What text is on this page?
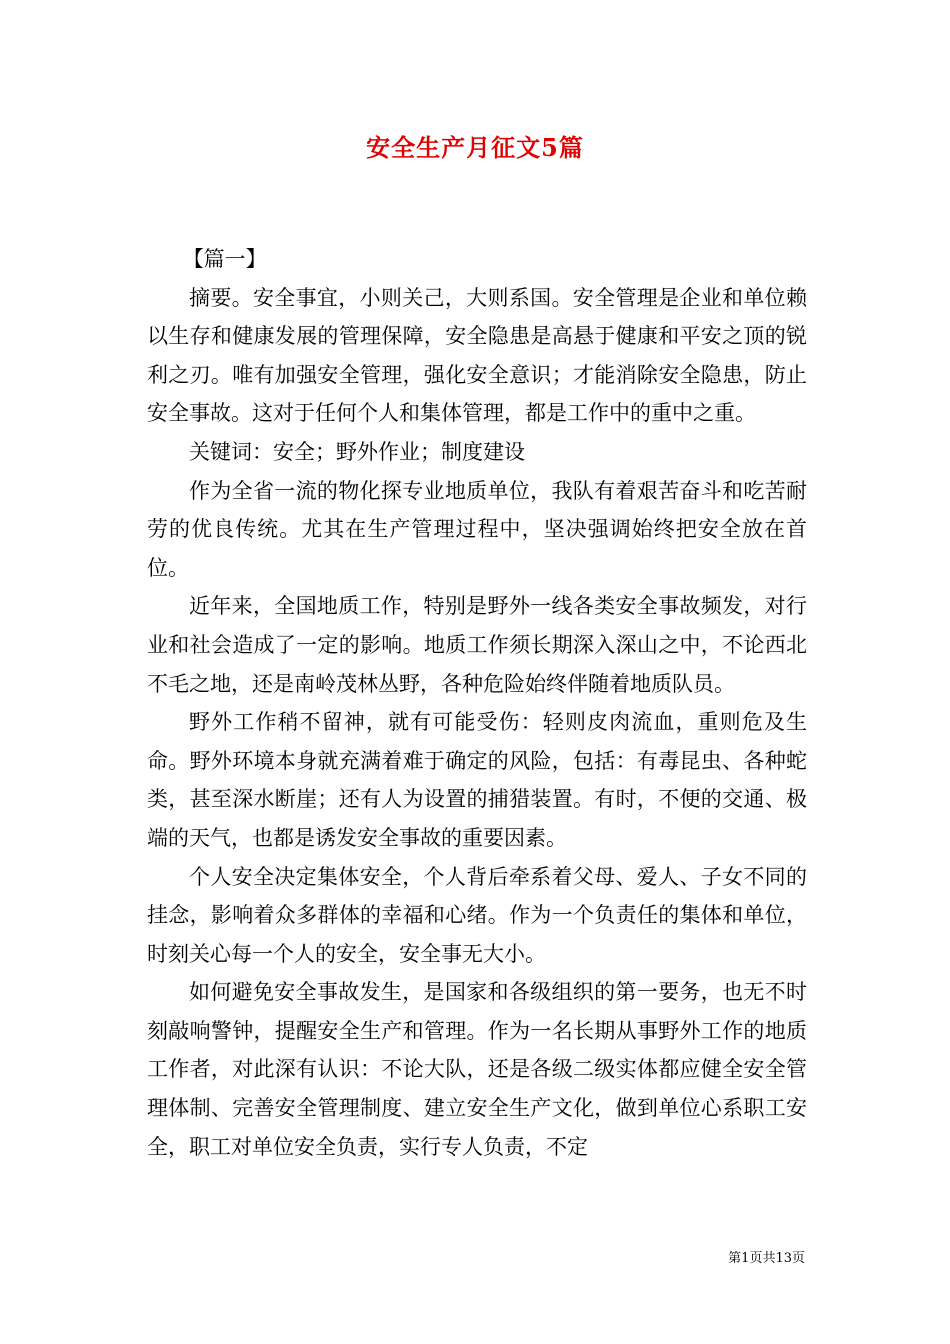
安全生产月征文5篇

【篇一】

摘要。安全事宜，小则关己，大则系国。安全管理是企业和单位赖以生存和健康发展的管理保障，安全隐患是高悬于健康和平安之顶的锐利之刃。唯有加强安全管理，强化安全意识；才能消除安全隐患，防止安全事故。这对于任何个人和集体管理，都是工作中的重中之重。

关键词：安全；野外作业；制度建设

作为全省一流的物化探专业地质单位，我队有着艰苦奋斗和吃苦耐劳的优良传统。尤其在生产管理过程中，坚决强调始终把安全放在首位。

近年来，全国地质工作，特别是野外一线各类安全事故频发，对行业和社会造成了一定的影响。地质工作须长期深入深山之中，不论西北不毛之地，还是南岭茂林丛野，各种危险始终伴随着地质队员。

野外工作稍不留神，就有可能受伤：轻则皮肉流血，重则危及生命。野外环境本身就充满着难于确定的风险，包括：有毒昆虫、各种蛇类，甚至深水断崖；还有人为设置的捕猎装置。有时，不便的交通、极端的天气，也都是诱发安全事故的重要因素。

个人安全决定集体安全，个人背后牵系着父母、爱人、子女不同的挂念，影响着众多群体的幸福和心绪。作为一个负责任的集体和单位，时刻关心每一个人的安全，安全事无大小。

如何避免安全事故发生，是国家和各级组织的第一要务，也无不时刻敲响警钟，提醒安全生产和管理。作为一名长期从事野外工作的地质工作者，对此深有认识：不论大队，还是各级二级实体都应健全安全管理体制、完善安全管理制度、建立安全生产文化，做到单位心系职工安全，职工对单位安全负责，实行专人负责，不定

第1页共13页
